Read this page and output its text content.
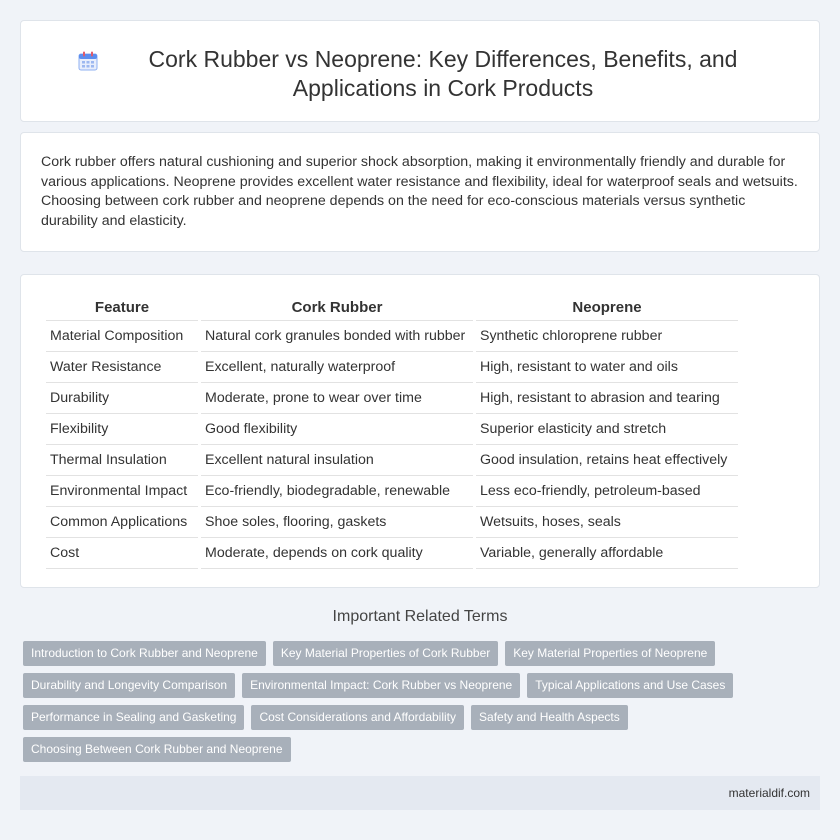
Cork Rubber vs Neoprene: Key Differences, Benefits, and Applications in Cork Products

Cork rubber offers natural cushioning and superior shock absorption, making it environmentally friendly and durable for various applications. Neoprene provides excellent water resistance and flexibility, ideal for waterproof seals and wetsuits. Choosing between cork rubber and neoprene depends on the need for eco-conscious materials versus synthetic durability and elasticity.

Feature	Cork Rubber	Neoprene
Material Composition	Natural cork granules bonded with rubber	Synthetic chloroprene rubber
Water Resistance	Excellent, naturally waterproof	High, resistant to water and oils
Durability	Moderate, prone to wear over time	High, resistant to abrasion and tearing
Flexibility	Good flexibility	Superior elasticity and stretch
Thermal Insulation	Excellent natural insulation	Good insulation, retains heat effectively
Environmental Impact	Eco-friendly, biodegradable, renewable	Less eco-friendly, petroleum-based
Common Applications	Shoe soles, flooring, gaskets	Wetsuits, hoses, seals
Cost	Moderate, depends on cork quality	Variable, generally affordable
Important Related Terms
Introduction to Cork Rubber and Neoprene	Key Material Properties of Cork Rubber	Key Material Properties of Neoprene
Durability and Longevity Comparison	Environmental Impact: Cork Rubber vs Neoprene	Typical Applications and Use Cases
Performance in Sealing and Gasketing	Cost Considerations and Affordability	Safety and Health Aspects
Choosing Between Cork Rubber and Neoprene
materialdif.com
